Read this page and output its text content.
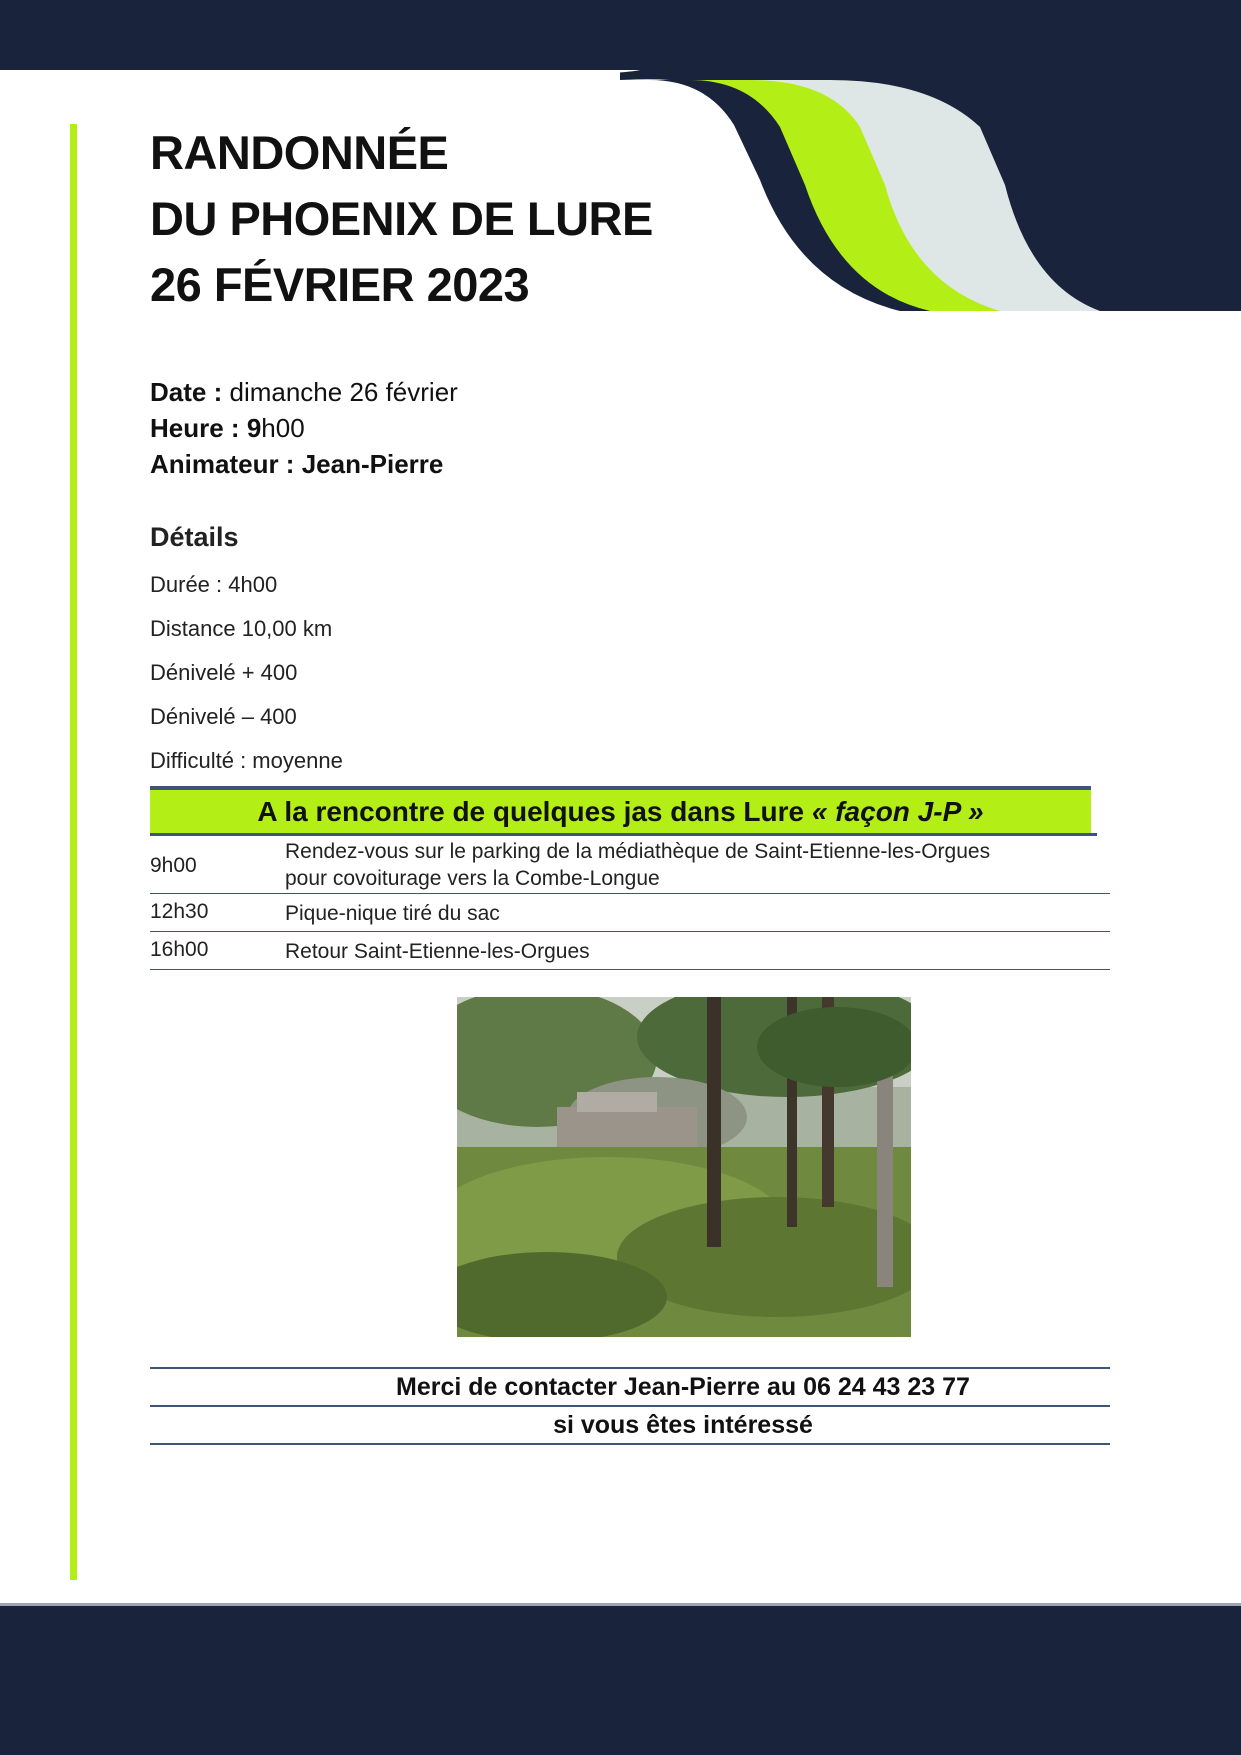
RANDONNÉE
DU PHOENIX DE LURE
26 FÉVRIER 2023
Date : dimanche 26 février
Heure : 9h00
Animateur : Jean-Pierre
Détails
Durée : 4h00
Distance 10,00 km
Dénivelé + 400
Dénivelé – 400
Difficulté : moyenne
A la rencontre de quelques jas dans Lure « façon J-P »
9h00
Rendez-vous sur le parking de la médiathèque de Saint-Etienne-les-Orgues
pour covoiturage vers la Combe-Longue
12h30	Pique-nique tiré du sac
16h00	Retour Saint-Etienne-les-Orgues
Merci de contacter Jean-Pierre au 06 24 43 23 77
si vous êtes intéressé
